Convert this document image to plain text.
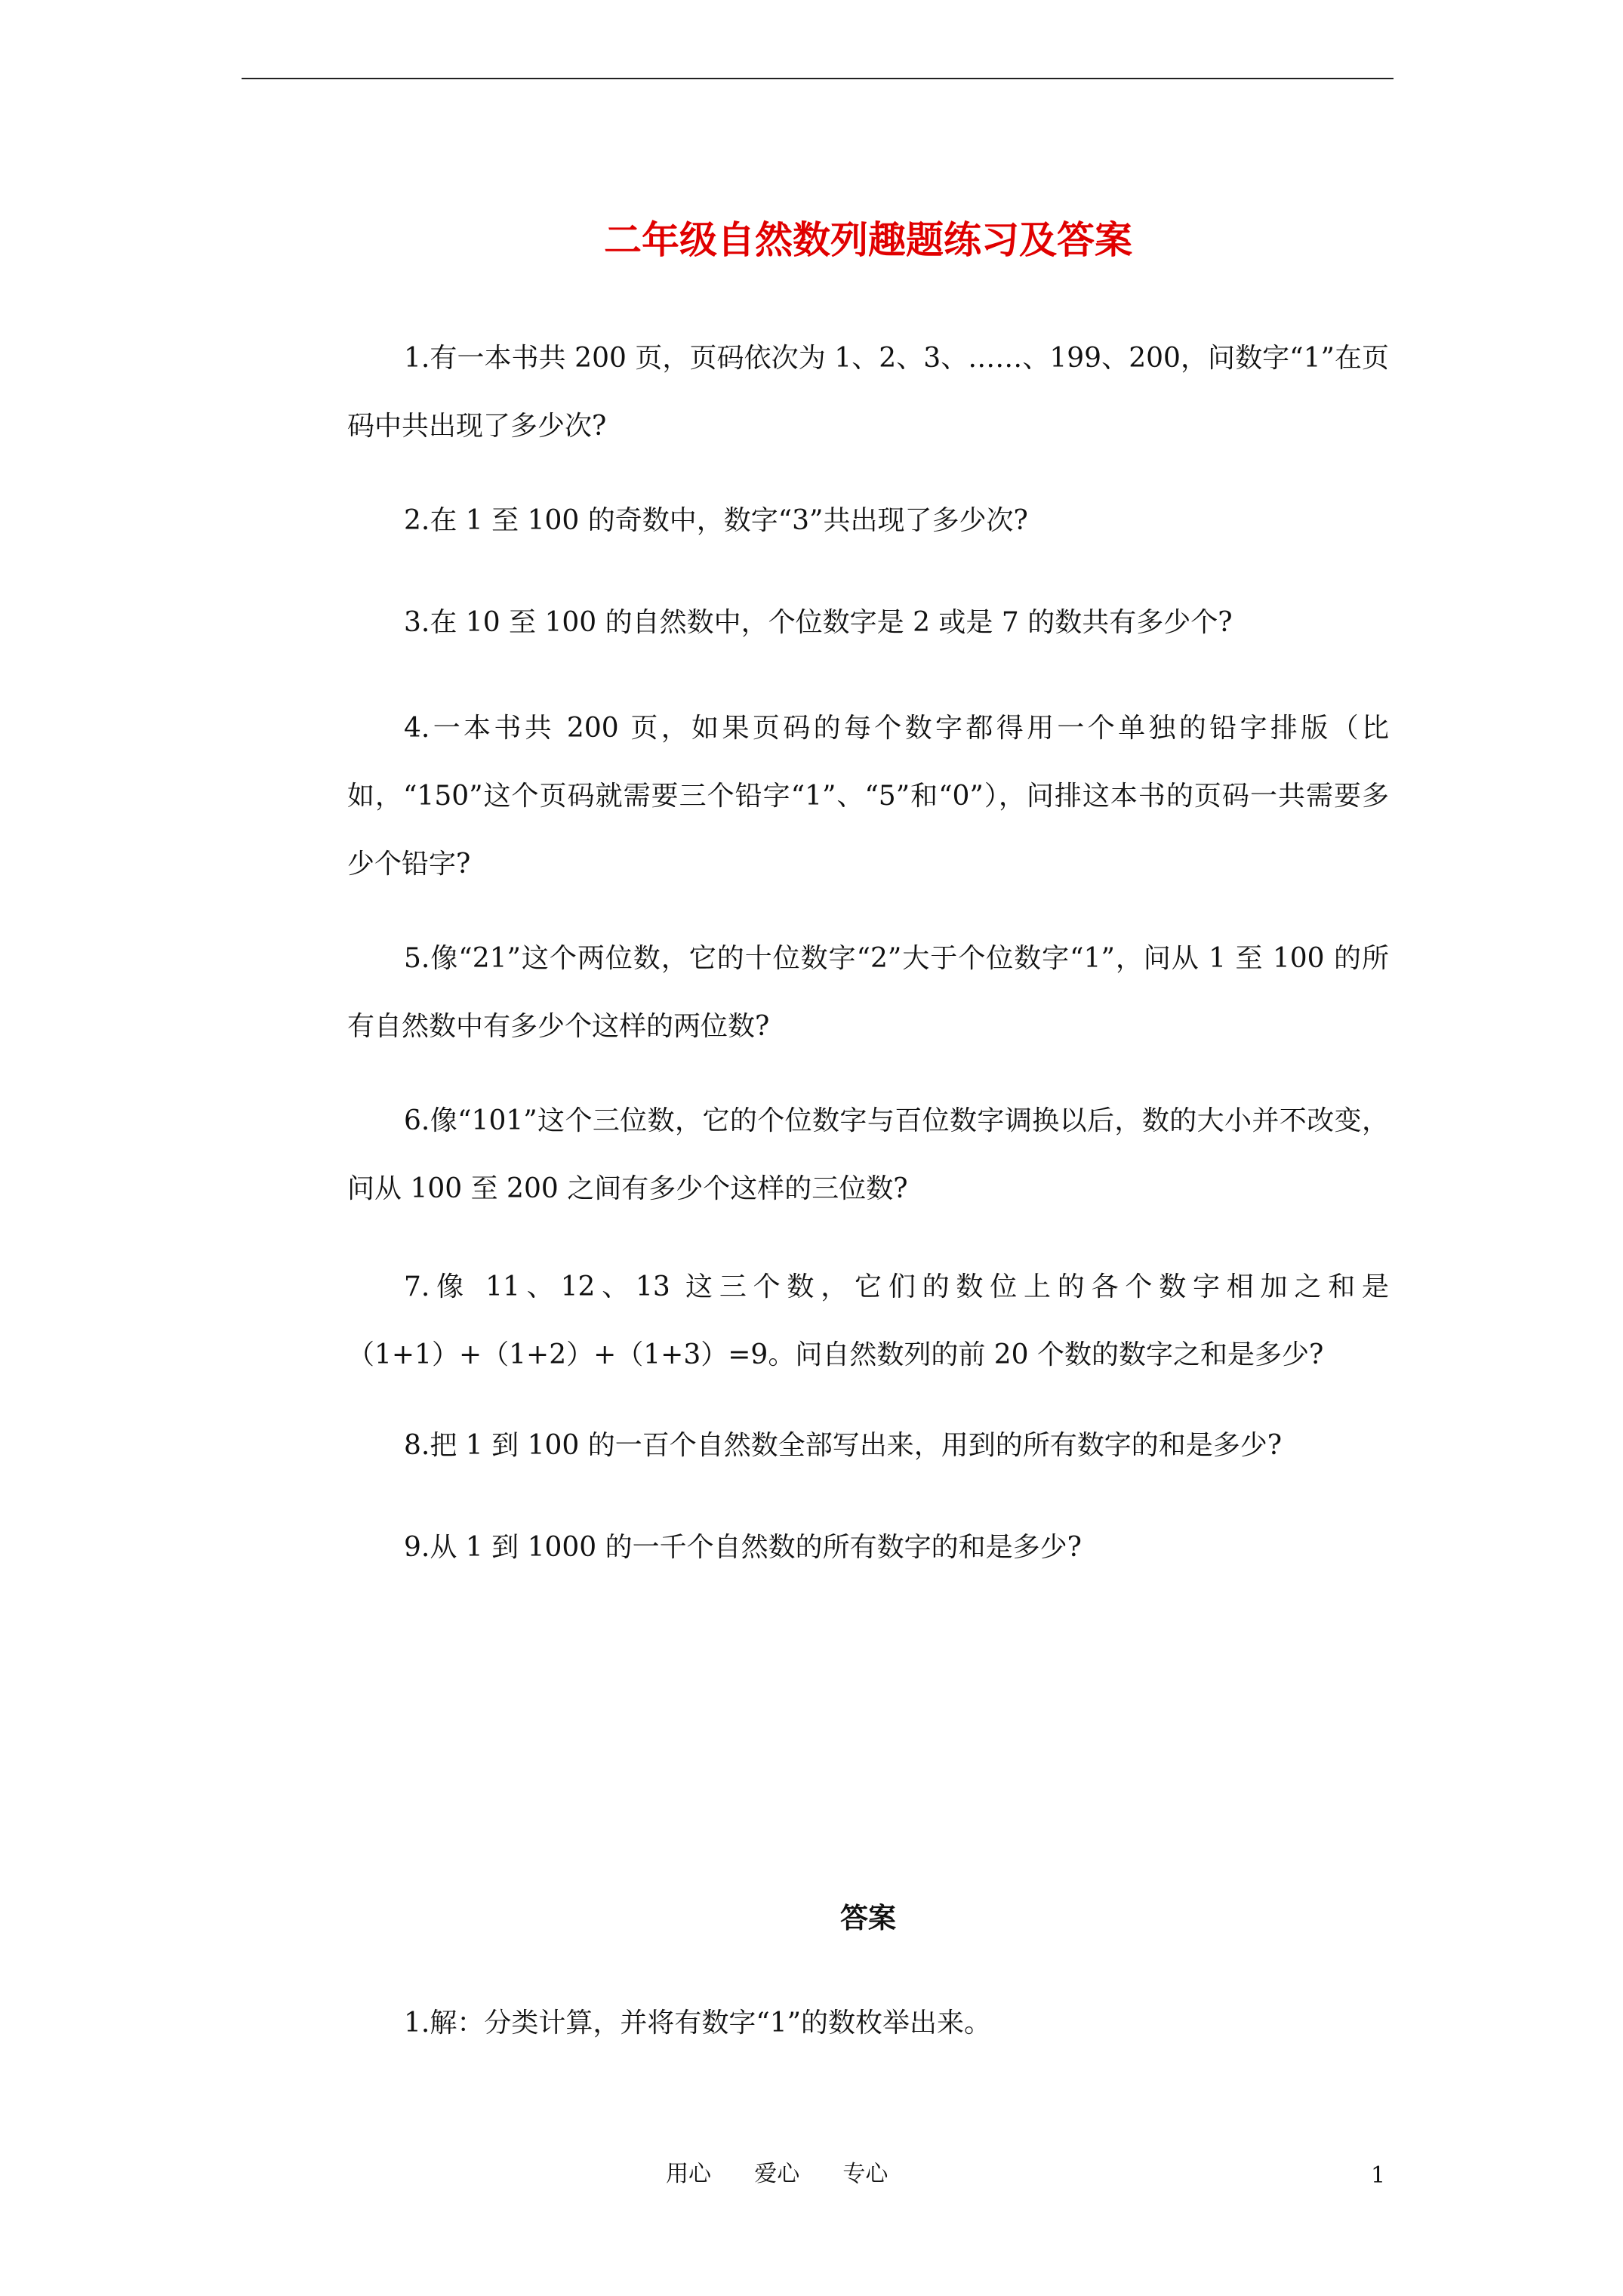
二年级自然数列趣题练习及答案

1.有一本书共 200 页，页码依次为 1、2、3、……、199、200，问数字“1”在页码中共出现了多少次?

2.在 1 至 100 的奇数中，数字“3”共出现了多少次?

3.在 10 至 100 的自然数中，个位数字是 2 或是 7 的数共有多少个?

4.一本书共 200 页，如果页码的每个数字都得用一个单独的铅字排版（比如，“150”这个页码就需要三个铅字“1”、“5”和“0”），问排这本书的页码一共需要多少个铅字?

5.像“21”这个两位数，它的十位数字“2”大于个位数字“1”，问从 1 至 100 的所有自然数中有多少个这样的两位数?

6.像“101”这个三位数，它的个位数字与百位数字调换以后，数的大小并不改变，问从 100 至 200 之间有多少个这样的三位数?

7.像 11、12、13 这三个数，它们的数位上的各个数字相加之和是（1+1）+（1+2）+（1+3）=9。问自然数列的前 20 个数的数字之和是多少?

8.把 1 到 100 的一百个自然数全部写出来，用到的所有数字的和是多少?

9.从 1 到 1000 的一千个自然数的所有数字的和是多少?

答案

1.解：分类计算，并将有数字“1”的数枚举出来。

用心      爱心      专心	1
